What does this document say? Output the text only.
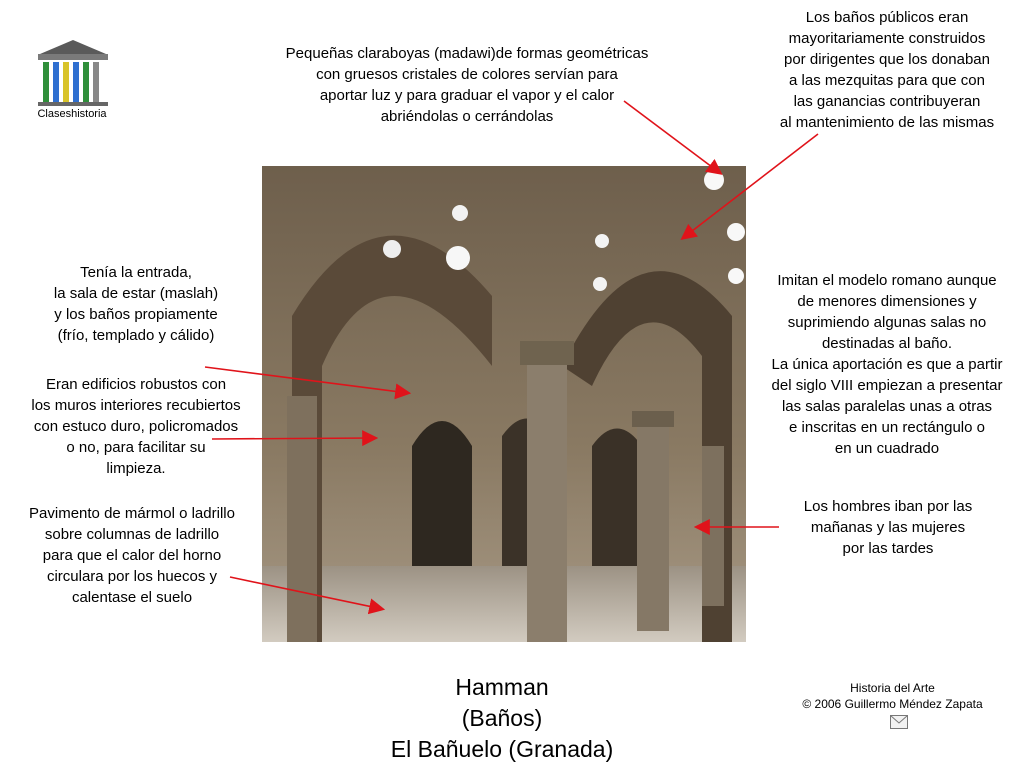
Claseshistoria
Pequeñas claraboyas (madawi)de formas geométricas
con gruesos cristales de colores servían para
aportar luz y para graduar el vapor y el calor
abriéndolas o cerrándolas
Los baños públicos eran
mayoritariamente construidos
por dirigentes que los donaban
a las mezquitas para que con
las ganancias contribuyeran
al mantenimiento de las mismas
Tenía la entrada,
la sala de estar (maslah)
y los baños propiamente
(frío, templado y cálido)
Eran edificios robustos con
los muros interiores recubiertos
con estuco duro, policromados
o no, para facilitar su
limpieza.
Pavimento de mármol o ladrillo
sobre columnas de ladrillo
para que el calor del horno
circulara por los huecos y
calentase el suelo
Imitan el modelo romano aunque
de menores dimensiones y
suprimiendo algunas salas no
destinadas al baño.
La única aportación es que a partir
del siglo VIII empiezan a presentar
las salas paralelas unas a otras
e inscritas en un rectángulo o
en un cuadrado
Los hombres iban por las
mañanas y las mujeres
por las tardes
Hamman
(Baños)
El Bañuelo (Granada)
Historia del Arte
© 2006 Guillermo Méndez Zapata
